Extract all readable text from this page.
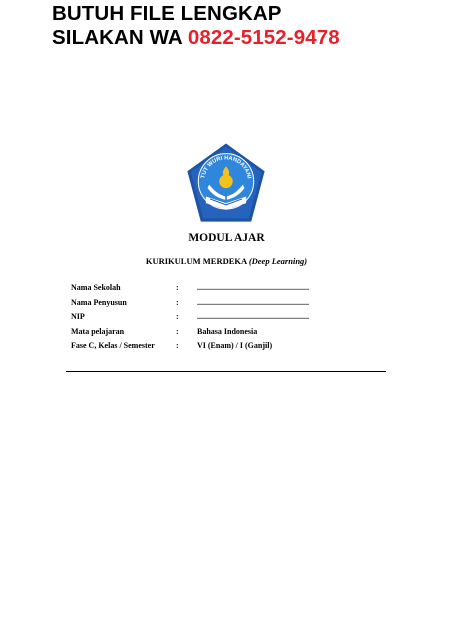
BUTUH FILE LENGKAP
SILAKAN WA 0822-5152-9478
TUT WURI HANDAYANI
MODUL AJAR
KURIKULUM MERDEKA (Deep Learning)
Nama Sekolah	: ........................................................
Nama Penyusun	: ........................................................
NIP	: ........................................................
Mata pelajaran	: Bahasa Indonesia
Fase C, Kelas / Semester	: VI (Enam) / I (Ganjil)
